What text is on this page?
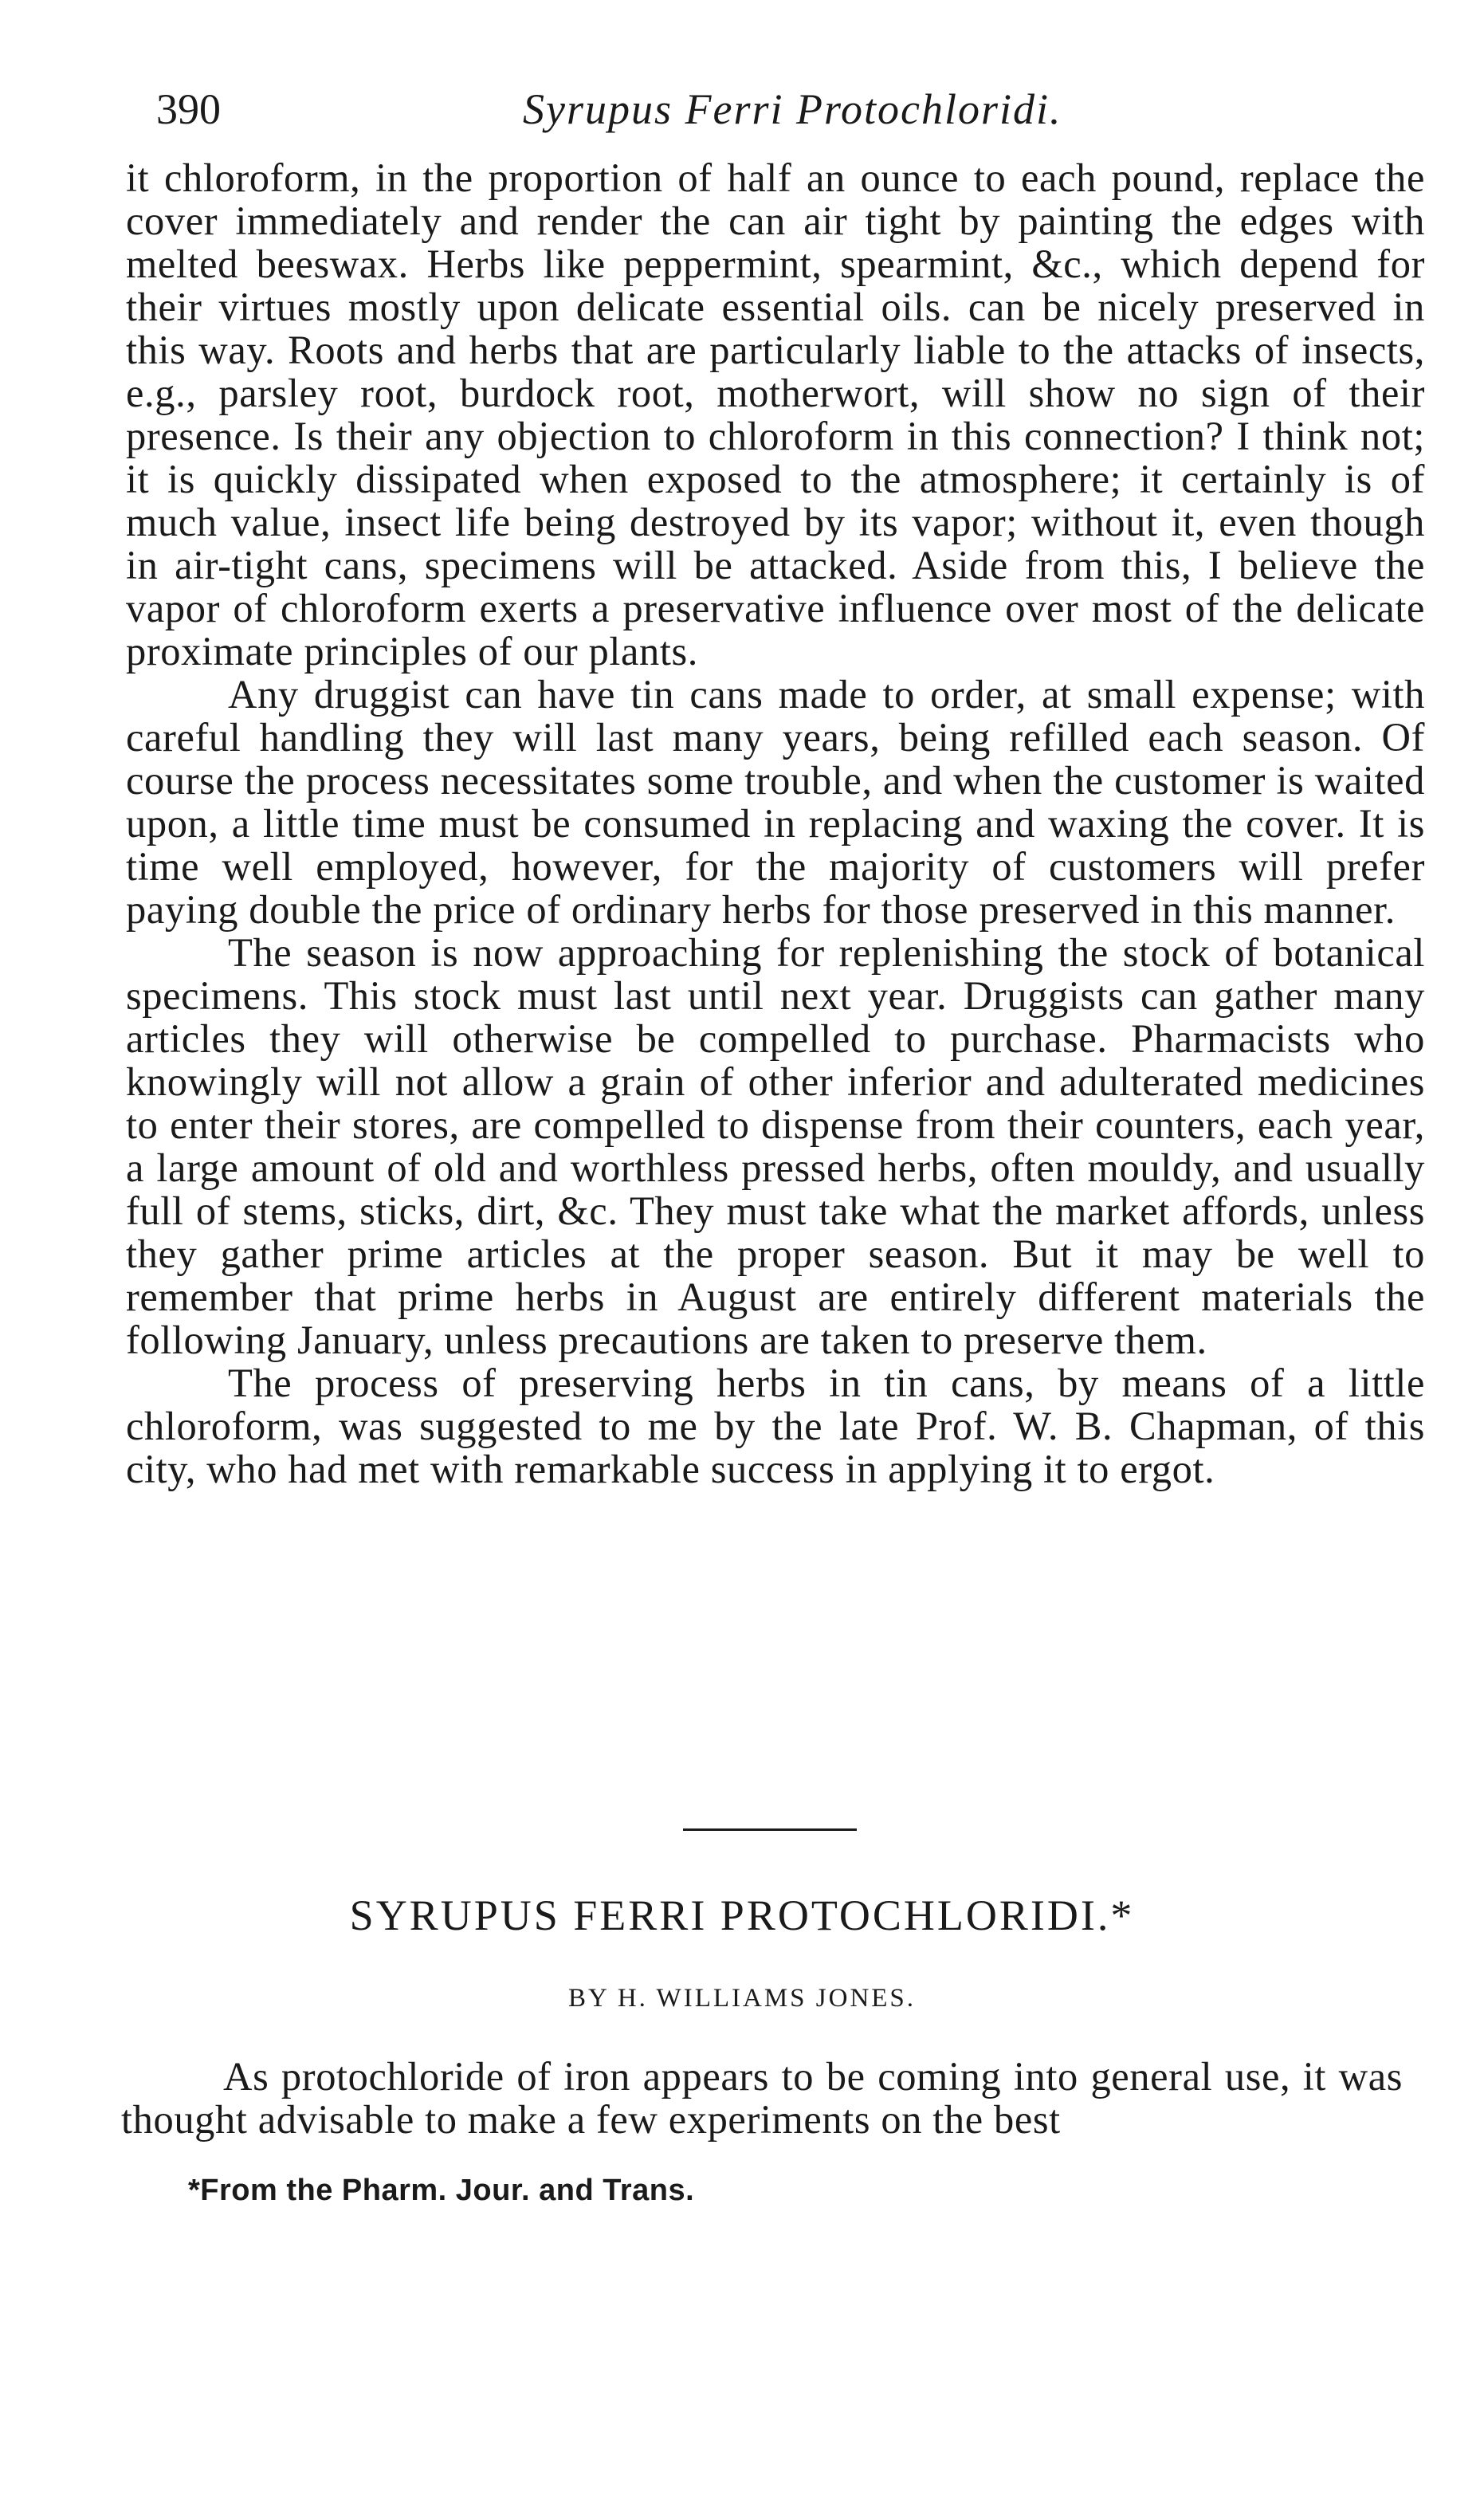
390	Syrupus Ferri Protochloridi.

it chloroform, in the proportion of half an ounce to each pound, replace the cover immediately and render the can air tight by painting the edges with melted beeswax. Herbs like peppermint, spearmint, &c., which depend for their virtues mostly upon delicate essential oils. can be nicely preserved in this way. Roots and herbs that are particularly liable to the attacks of insects, e.g., parsley root, burdock root, motherwort, will show no sign of their presence. Is their any objection to chloroform in this connection? I think not; it is quickly dissipated when exposed to the atmosphere; it certainly is of much value, insect life being destroyed by its vapor; without it, even though in air-tight cans, specimens will be attacked. Aside from this, I believe the vapor of chloroform exerts a preservative influence over most of the delicate proximate principles of our plants.

Any druggist can have tin cans made to order, at small expense; with careful handling they will last many years, being refilled each season. Of course the process necessitates some trouble, and when the customer is waited upon, a little time must be consumed in replacing and waxing the cover. It is time well employed, however, for the majority of customers will prefer paying double the price of ordinary herbs for those preserved in this manner.

The season is now approaching for replenishing the stock of botanical specimens. This stock must last until next year. Druggists can gather many articles they will otherwise be compelled to purchase. Pharmacists who knowingly will not allow a grain of other inferior and adulterated medicines to enter their stores, are compelled to dispense from their counters, each year, a large amount of old and worthless pressed herbs, often mouldy, and usually full of stems, sticks, dirt, &c. They must take what the market affords, unless they gather prime articles at the proper season. But it may be well to remember that prime herbs in August are entirely different materials the following January, unless precautions are taken to preserve them.

The process of preserving herbs in tin cans, by means of a little chloroform, was suggested to me by the late Prof. W. B. Chapman, of this city, who had met with remarkable success in applying it to ergot.

SYRUPUS FERRI PROTOCHLORIDI.*
BY H. WILLIAMS JONES.

As protochloride of iron appears to be coming into general use, it was thought advisable to make a few experiments on the best

*From the Pharm. Jour. and Trans.
